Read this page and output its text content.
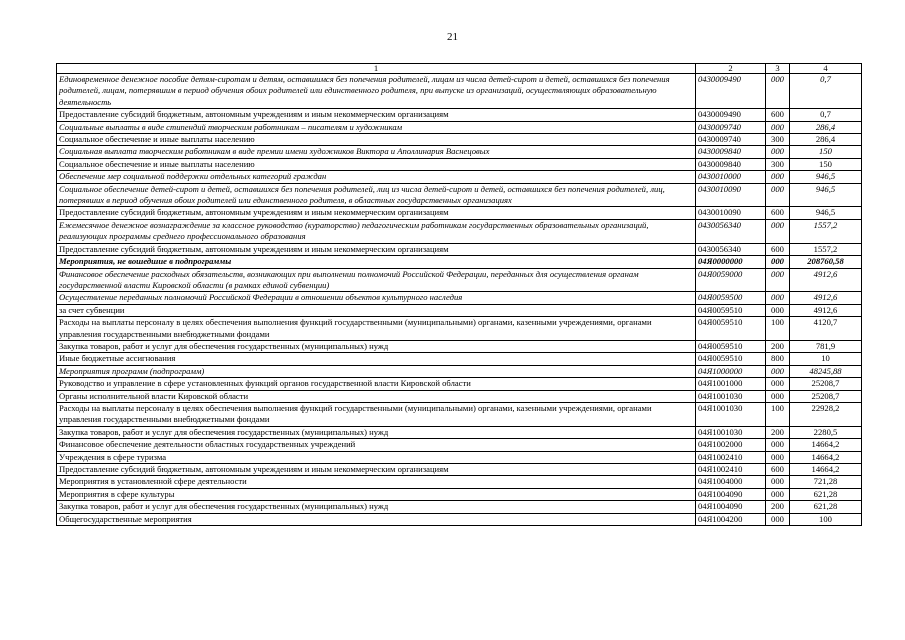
21
1	2	3	4
Единовременное денежное пособие детям-сиротам и детям, оставшимся без попечения родителей, лицам из числа детей-сирот и детей, оставшихся без попечения родителей, лицам, потерявшим в период обучения обоих родителей или единственного родителя, при выпуске из организаций, осуществляющих образовательную деятельность	0430009490	000	0,7
Предоставление субсидий бюджетным, автономным учреждениям и иным некоммерческим организациям	0430009490	600	0,7
Социальные выплаты в виде стипендий творческим работникам – писателям и художникам	0430009740	000	286,4
Социальное обеспечение и иные выплаты населению	0430009740	300	286,4
Социальная выплата творческим работникам в виде премии имени художников Виктора и Аполлинария Васнецовых	0430009840	000	150
Социальное обеспечение и иные выплаты населению	0430009840	300	150
Обеспечение мер социальной поддержки отдельных категорий граждан	0430010000	000	946,5
Социальное обеспечение детей-сирот и детей, оставшихся без попечения родителей, лиц из числа детей-сирот и детей, оставшихся без попечения родителей, лиц, потерявших в период обучения обоих родителей или единственного родителя, в областных государственных организациях	0430010090	000	946,5
Предоставление субсидий бюджетным, автономным учреждениям и иным некоммерческим организациям	0430010090	600	946,5
Ежемесячное денежное вознаграждение за классное руководство (кураторство) педагогическим работникам государственных образовательных организаций, реализующих программы среднего профессионального образования	0430056340	000	1557,2
Предоставление субсидий бюджетным, автономным учреждениям и иным некоммерческим организациям	0430056340	600	1557,2
Мероприятия, не вошедшие в подпрограммы	04Я0000000	000	208760,58
Финансовое обеспечение расходных обязательств, возникающих при выполнении полномочий Российской Федерации, переданных для осуществления органам государственной власти Кировской области (в рамках единой субвенции)	04Я0059000	000	4912,6
Осуществление переданных полномочий Российской Федерации в отношении объектов культурного наследия	04Я0059500	000	4912,6
за счет субвенции	04Я0059510	000	4912,6
Расходы на выплаты персоналу в целях обеспечения выполнения функций государственными (муниципальными) органами, казенными учреждениями, органами управления государственными внебюджетными фондами	04Я0059510	100	4120,7
Закупка товаров, работ и услуг для обеспечения государственных (муниципальных) нужд	04Я0059510	200	781,9
Иные бюджетные ассигнования	04Я0059510	800	10
Мероприятия программ (подпрограмм)	04Я1000000	000	48245,88
Руководство и управление в сфере установленных функций органов государственной власти Кировской области	04Я1001000	000	25208,7
Органы исполнительной власти Кировской области	04Я1001030	000	25208,7
Расходы на выплаты персоналу в целях обеспечения выполнения функций государственными (муниципальными) органами, казенными учреждениями, органами управления государственными внебюджетными фондами	04Я1001030	100	22928,2
Закупка товаров, работ и услуг для обеспечения государственных (муниципальных) нужд	04Я1001030	200	2280,5
Финансовое обеспечение деятельности областных государственных учреждений	04Я1002000	000	14664,2
Учреждения в сфере туризма	04Я1002410	000	14664,2
Предоставление субсидий бюджетным, автономным учреждениям и иным некоммерческим организациям	04Я1002410	600	14664,2
Мероприятия в установленной сфере деятельности	04Я1004000	000	721,28
Мероприятия в сфере культуры	04Я1004090	000	621,28
Закупка товаров, работ и услуг для обеспечения государственных (муниципальных) нужд	04Я1004090	200	621,28
Общегосударственные мероприятия	04Я1004200	000	100
